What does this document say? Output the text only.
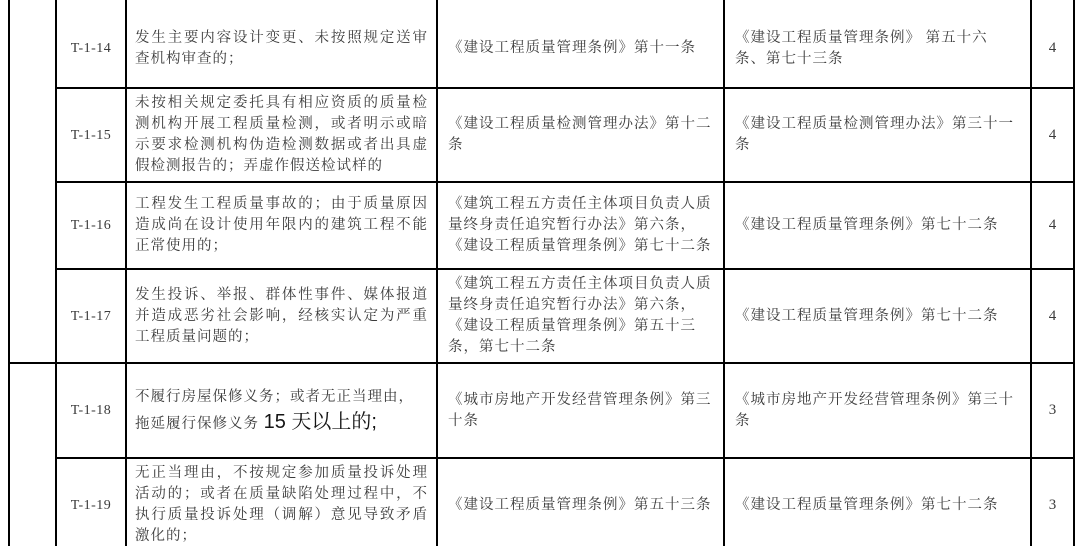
	T-1-14	发生主要内容设计变更、未按照规定送审查机构审查的；	《建设工程质量管理条例》第十一条	《建设工程质量管理条例》 第五十六
条、第七十三条	4
	T-1-15	未按相关规定委托具有相应资质的质量检测机构开展工程质量检测，或者明示或暗示要求检测机构伪造检测数据或者出具虚假检测报告的；弄虚作假送检试样的	《建设工程质量检测管理办法》第十二
条	《建设工程质量检测管理办法》第三十一
条	4
	T-1-16	工程发生工程质量事故的；由于质量原因造成尚在设计使用年限内的建筑工程不能正常使用的；	《建筑工程五方责任主体项目负责人质
量终身责任追究暂行办法》第六条，
《建设工程质量管理条例》第七十二条	《建设工程质量管理条例》第七十二条	4
	T-1-17	发生投诉、举报、群体性事件、媒体报道并造成恶劣社会影响，经核实认定为严重工程质量问题的；	《建筑工程五方责任主体项目负责人质
量终身责任追究暂行办法》第六条，
《建设工程质量管理条例》第五十三
条，第七十二条	《建设工程质量管理条例》第七十二条	4
	T-1-18	不履行房屋保修义务；或者无正当理由，
拖延履行保修义务 15 天以上的;	《城市房地产开发经营管理条例》第三
十条	《城市房地产开发经营管理条例》第三十
条	3
	T-1-19	无正当理由，不按规定参加质量投诉处理活动的；或者在质量缺陷处理过程中，不执行质量投诉处理（调解）意见导致矛盾激化的；	《建设工程质量管理条例》第五十三条	《建设工程质量管理条例》第七十二条	3
